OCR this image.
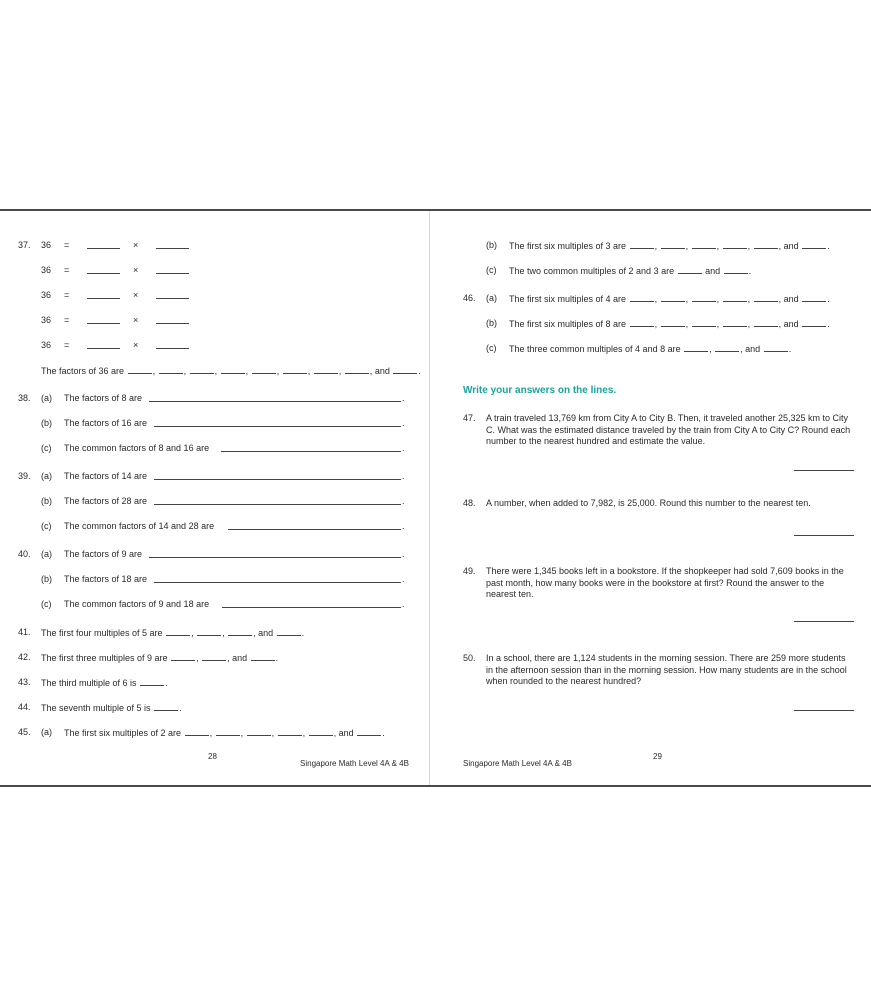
37. 36 =	×
36 =	×
36 =	×
36 =	×
36 =	×
The factors of 36 are	,	,	,	,	,	,	,	, and	.
38. (a) The factors of 8 are	.
(b) The factors of 16 are	.
(c) The common factors of 8 and 16 are	.
39. (a) The factors of 14 are	.
(b) The factors of 28 are	.
(c) The common factors of 14 and 28 are	.
40. (a) The factors of 9 are	.
(b) The factors of 18 are	.
(c) The common factors of 9 and 18 are	.
41. The first four multiples of 5 are	,	,	, and	.
42. The first three multiples of 9 are	,	, and	.
43. The third multiple of 6 is	.
44. The seventh multiple of 5 is	.
45. (a) The first six multiples of 2 are	,	,	,	,	, and	.
28
Singapore Math Level 4A & 4B
(b) The first six multiples of 3 are	,	,	,	,	, and	.
(c) The two common multiples of 2 and 3 are	and	.
46. (a) The first six multiples of 4 are	,	,	,	,	, and	.
(b) The first six multiples of 8 are	,	,	,	,	, and	.
(c) The three common multiples of 4 and 8 are	,	, and	.
Write your answers on the lines.
47. A train traveled 13,769 km from City A to City B. Then, it traveled another 25,325 km to City C. What was the estimated distance traveled by the train from City A to City C? Round each number to the nearest hundred and estimate the value.
48. A number, when added to 7,982, is 25,000. Round this number to the nearest ten.
49. There were 1,345 books left in a bookstore. If the shopkeeper had sold 7,609 books in the past month, how many books were in the bookstore at first? Round the answer to the nearest ten.
50. In a school, there are 1,124 students in the morning session. There are 259 more students in the afternoon session than in the morning session. How many students are in the school when rounded to the nearest hundred?
Singapore Math Level 4A & 4B
29
